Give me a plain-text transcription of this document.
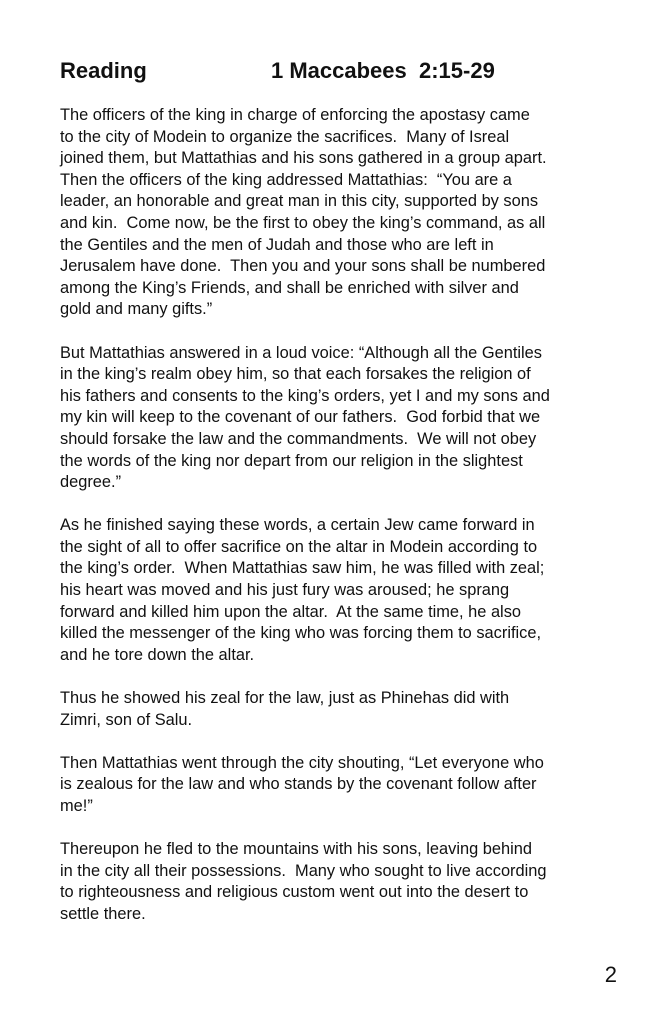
Reading	1 Maccabees  2:15-29

The officers of the king in charge of enforcing the apostasy came
to the city of Modein to organize the sacrifices.  Many of Isreal
joined them, but Mattathias and his sons gathered in a group apart.
Then the officers of the king addressed Mattathias:  “You are a
leader, an honorable and great man in this city, supported by sons
and kin.  Come now, be the first to obey the king’s command, as all
the Gentiles and the men of Judah and those who are left in
Jerusalem have done.  Then you and your sons shall be numbered
among the King’s Friends, and shall be enriched with silver and
gold and many gifts.”

But Mattathias answered in a loud voice: “Although all the Gentiles
in the king’s realm obey him, so that each forsakes the religion of
his fathers and consents to the king’s orders, yet I and my sons and
my kin will keep to the covenant of our fathers.  God forbid that we
should forsake the law and the commandments.  We will not obey
the words of the king nor depart from our religion in the slightest
degree.”

As he finished saying these words, a certain Jew came forward in
the sight of all to offer sacrifice on the altar in Modein according to
the king’s order.  When Mattathias saw him, he was filled with zeal;
his heart was moved and his just fury was aroused; he sprang
forward and killed him upon the altar.  At the same time, he also
killed the messenger of the king who was forcing them to sacrifice,
and he tore down the altar.

Thus he showed his zeal for the law, just as Phinehas did with
Zimri, son of Salu.

Then Mattathias went through the city shouting, “Let everyone who
is zealous for the law and who stands by the covenant follow after
me!”

Thereupon he fled to the mountains with his sons, leaving behind
in the city all their possessions.  Many who sought to live according
to righteousness and religious custom went out into the desert to
settle there.

2
